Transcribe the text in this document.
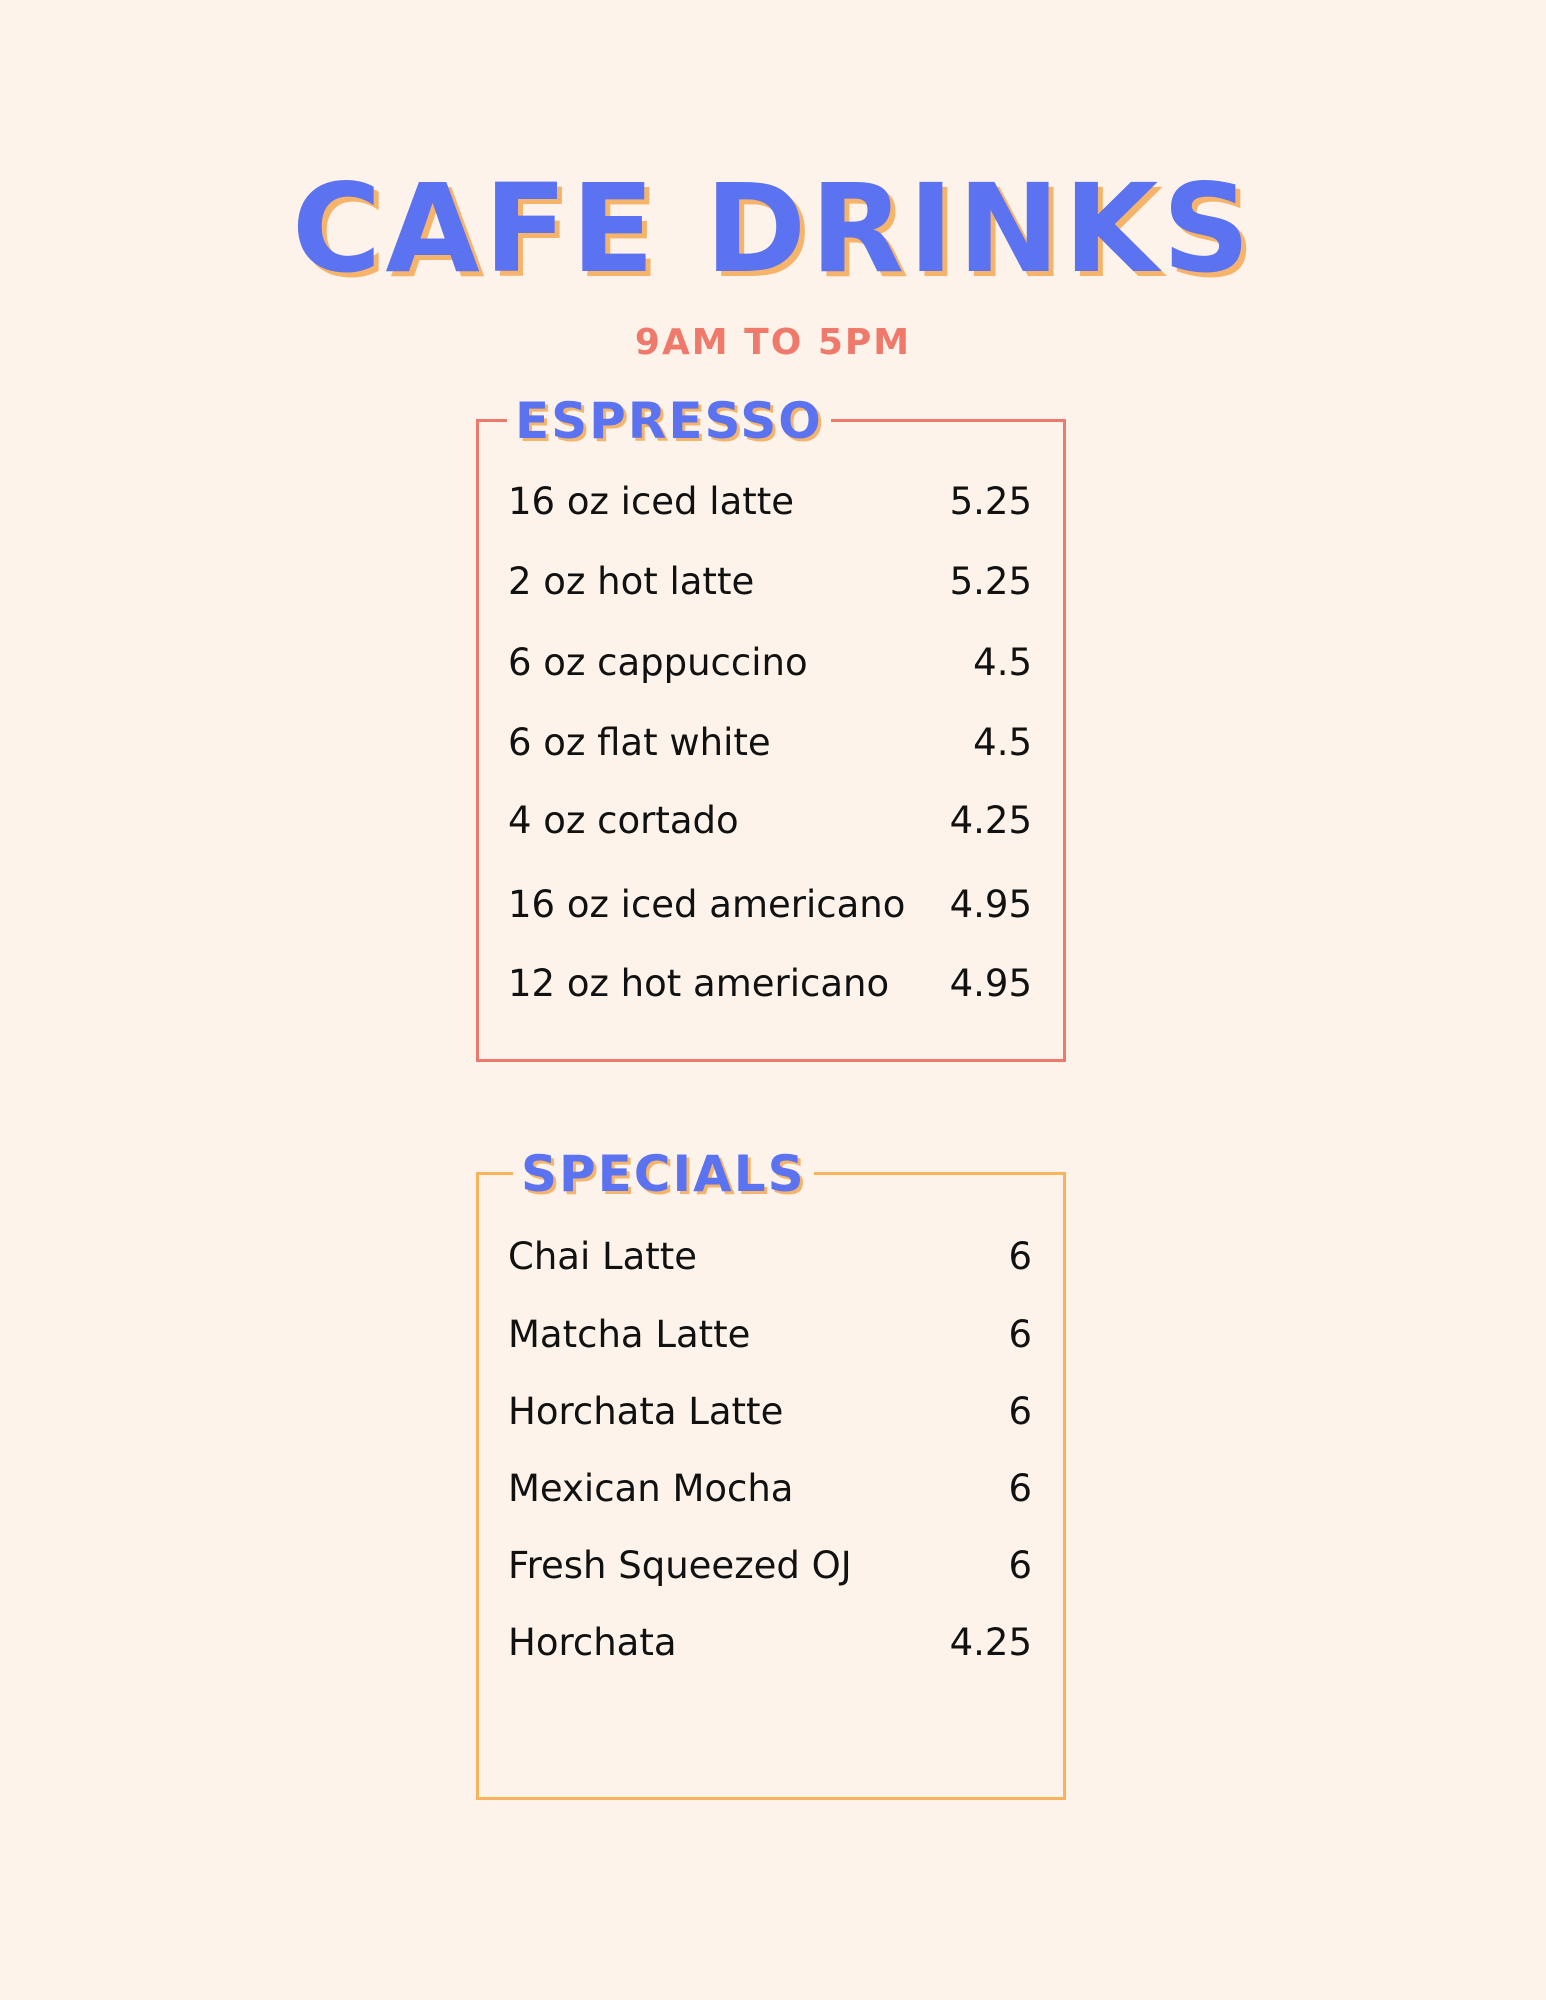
CAFE DRINKS
9AM TO 5PM
ESPRESSO
16 oz iced latte	5.25
2 oz hot latte	5.25
6 oz cappuccino	4.5
6 oz flat white	4.5
4 oz cortado	4.25
16 oz iced americano 4.95
12 oz hot americano 4.95
SPECIALS
Chai Latte	6
Matcha Latte	6
Horchata Latte	6
Mexican Mocha	6
Fresh Squeezed OJ	6
Horchata	4.25
